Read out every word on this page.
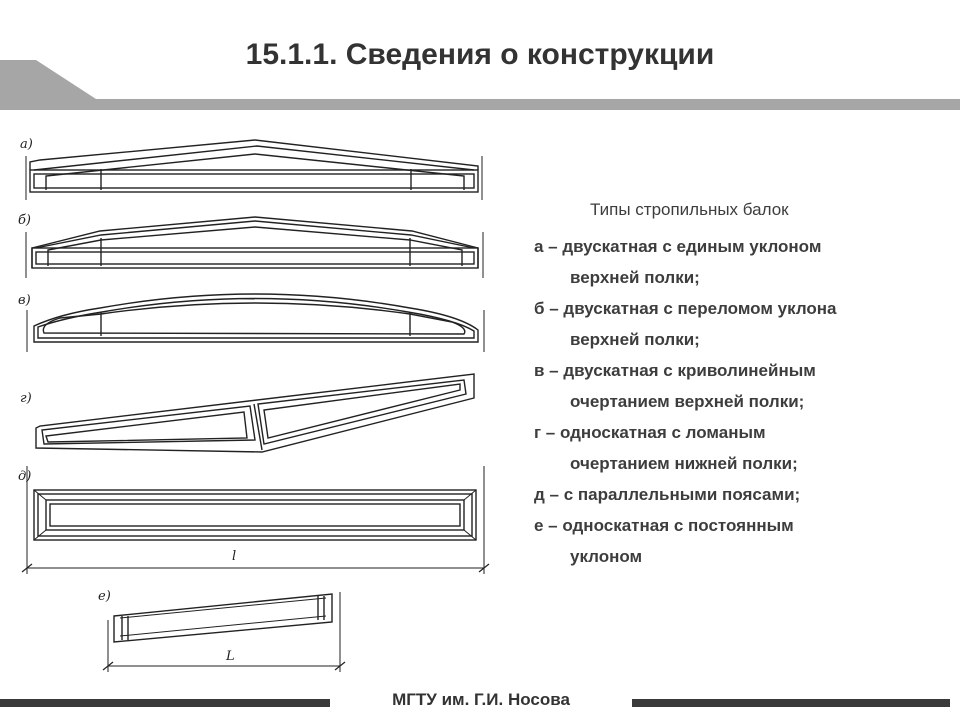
15.1.1. Сведения о конструкции
а)
б)
в)
г)
д)
l
е)
L
Типы стропильных балок
а – двускатная с единым уклоном
верхней полки;
б – двускатная с переломом уклона
верхней полки;
в – двускатная с криволинейным
очертанием верхней полки;
г – односкатная с ломаным
очертанием нижней полки;
д – с параллельными поясами;
е – односкатная с постоянным
уклоном
МГТУ им. Г.И. Носова
